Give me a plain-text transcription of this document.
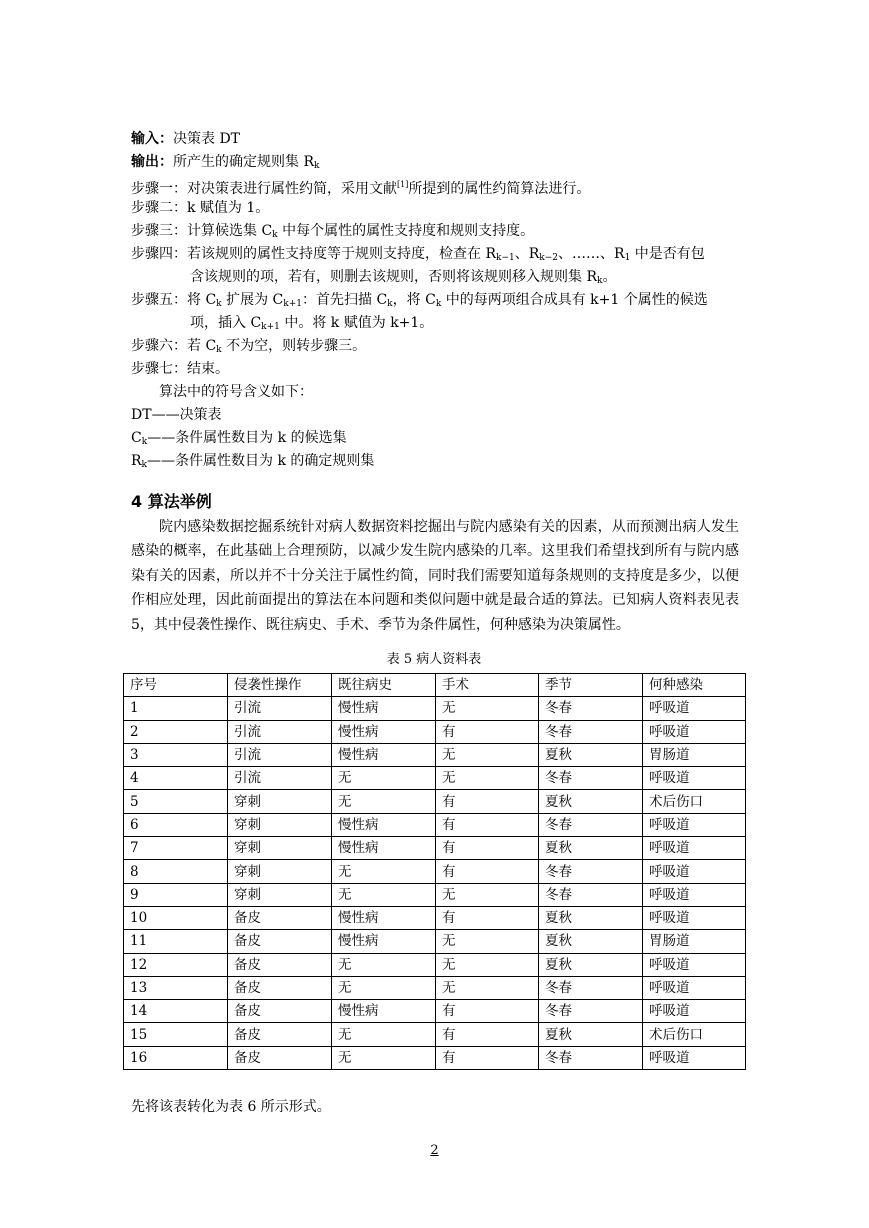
输入：决策表 DT
输出：所产生的确定规则集 $R_k$
步骤一：对决策表进行属性约简，采用文献[1]所提到的属性约简算法进行。
步骤二：k 赋值为 1。
步骤三：计算候选集 $C_k$ 中每个属性的属性支持度和规则支持度。
步骤四：若该规则的属性支持度等于规则支持度，检查在 $R_{k-1}$、$R_{k-2}$、……、$R_1$ 中是否有包
含该规则的项，若有，则删去该规则，否则将该规则移入规则集 $R_k$。
步骤五：将 $C_k$ 扩展为 $C_{k+1}$：首先扫描 $C_k$，将 $C_k$ 中的每两项组合成具有 k+1 个属性的候选
项，插入 $C_{k+1}$ 中。将 k 赋值为 k+1。
步骤六：若 $C_k$ 不为空，则转步骤三。
步骤七：结束。
算法中的符号含义如下：
DT——决策表
$C_k——$条件属性数目为 k 的候选集
$R_k——$条件属性数目为 k 的确定规则集
4 算法举例

院内感染数据挖掘系统针对病人数据资料挖掘出与院内感染有关的因素，从而预测出病人发生感染的概率，在此基础上合理预防，以减少发生院内感染的几率。这里我们希望找到所有与院内感染有关的因素，所以并不十分关注于属性约简，同时我们需要知道每条规则的支持度是多少，以便作相应处理，因此前面提出的算法在本问题和类似问题中就是最合适的算法。已知病人资料表见表 5，其中侵袭性操作、既往病史、手术、季节为条件属性，何种感染为决策属性。

表 5 病人资料表
序号	侵袭性操作	既往病史	手术	季节	何种感染
1	引流	慢性病	无	冬春	呼吸道
2	引流	慢性病	有	冬春	呼吸道
3	引流	慢性病	无	夏秋	胃肠道
4	引流	无	无	冬春	呼吸道
5	穿刺	无	有	夏秋	术后伤口
6	穿刺	慢性病	有	冬春	呼吸道
7	穿刺	慢性病	有	夏秋	呼吸道
8	穿刺	无	有	冬春	呼吸道
9	穿刺	无	无	冬春	呼吸道
10	备皮	慢性病	有	夏秋	呼吸道
11	备皮	慢性病	无	夏秋	胃肠道
12	备皮	无	无	夏秋	呼吸道
13	备皮	无	无	冬春	呼吸道
14	备皮	慢性病	有	冬春	呼吸道
15	备皮	无	有	夏秋	术后伤口
16	备皮	无	有	冬春	呼吸道
先将该表转化为表 6 所示形式。
2
